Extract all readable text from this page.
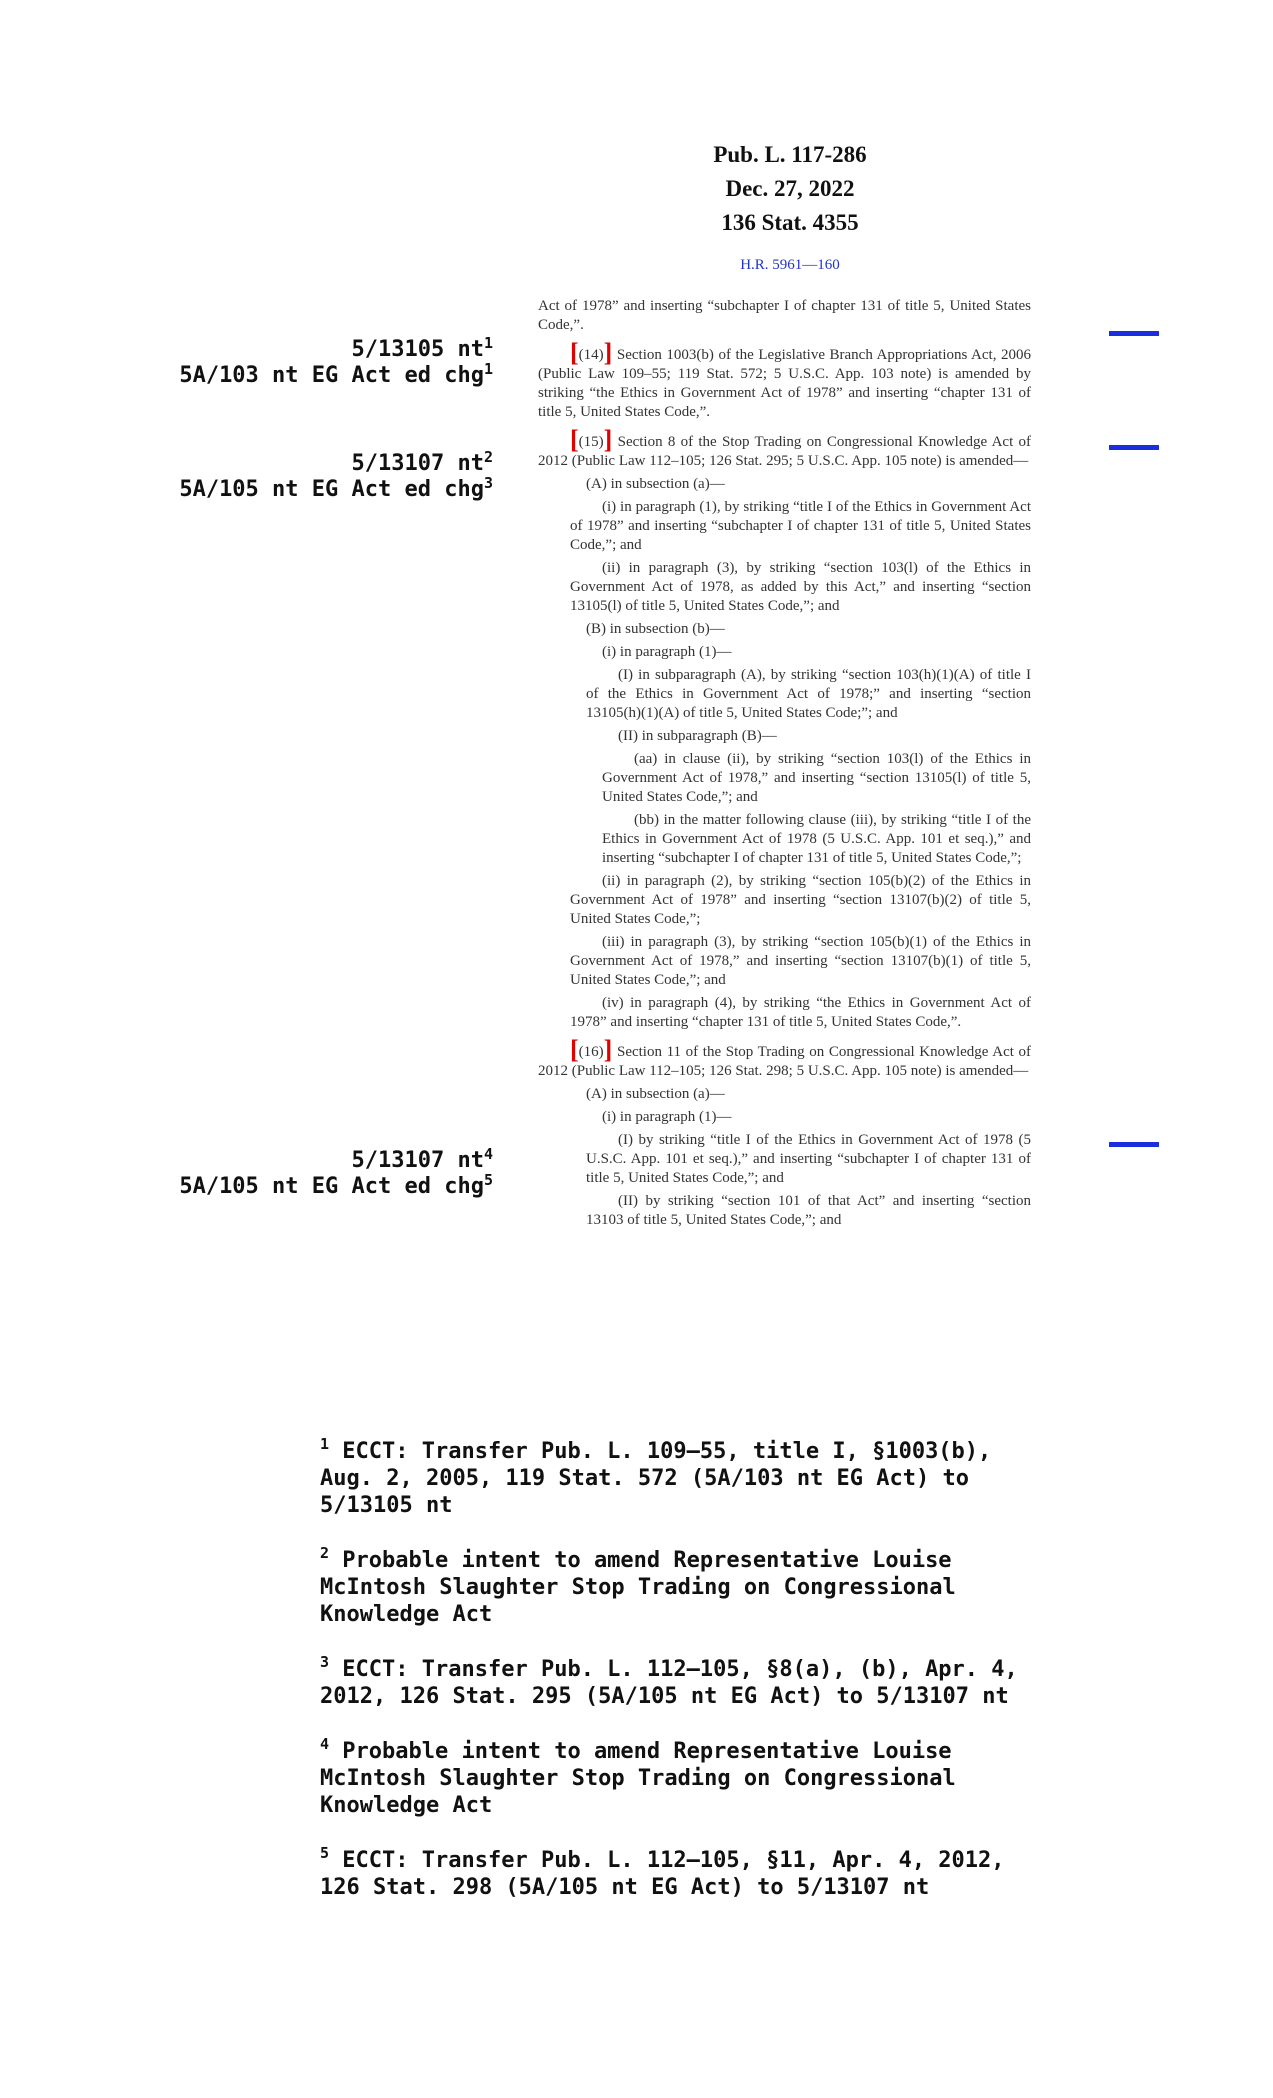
Pub. L. 117-286
Dec. 27, 2022
136 Stat. 4355
H.R. 5961—160
5/13105 $nt^1$
5A/103 nt EG Act ed chg$^1$
5/13107 $nt^2$
5A/105 nt EG Act ed chg$^3$
5/13107 $nt^4$
5A/105 nt EG Act ed chg$^5$

Act of 1978” and inserting “subchapter I of chapter 131 of title 5, United States Code,”.

[(14)] Section 1003(b) of the Legislative Branch Appropriations Act, 2006 (Public Law 109–55; 119 Stat. 572; 5 U.S.C. App. 103 note) is amended by striking “the Ethics in Government Act of 1978” and inserting “chapter 131 of title 5, United States Code,”.

[(15)] Section 8 of the Stop Trading on Congressional Knowledge Act of 2012 (Public Law 112–105; 126 Stat. 295; 5 U.S.C. App. 105 note) is amended—

(A) in subsection (a)—

(i) in paragraph (1), by striking “title I of the Ethics in Government Act of 1978” and inserting “subchapter I of chapter 131 of title 5, United States Code,”; and

(ii) in paragraph (3), by striking “section 103(l) of the Ethics in Government Act of 1978, as added by this Act,” and inserting “section 13105(l) of title 5, United States Code,”; and

(B) in subsection (b)—

(i) in paragraph (1)—

(I) in subparagraph (A), by striking “section 103(h)(1)(A) of title I of the Ethics in Government Act of 1978;” and inserting “section 13105(h)(1)(A) of title 5, United States Code;”; and

(II) in subparagraph (B)—

(aa) in clause (ii), by striking “section 103(l) of the Ethics in Government Act of 1978,” and inserting “section 13105(l) of title 5, United States Code,”; and

(bb) in the matter following clause (iii), by striking “title I of the Ethics in Government Act of 1978 (5 U.S.C. App. 101 et seq.),” and inserting “subchapter I of chapter 131 of title 5, United States Code,”;

(ii) in paragraph (2), by striking “section 105(b)(2) of the Ethics in Government Act of 1978” and inserting “section 13107(b)(2) of title 5, United States Code,”;

(iii) in paragraph (3), by striking “section 105(b)(1) of the Ethics in Government Act of 1978,” and inserting “section 13107(b)(1) of title 5, United States Code,”; and

(iv) in paragraph (4), by striking “the Ethics in Government Act of 1978” and inserting “chapter 131 of title 5, United States Code,”.

[(16)] Section 11 of the Stop Trading on Congressional Knowledge Act of 2012 (Public Law 112–105; 126 Stat. 298; 5 U.S.C. App. 105 note) is amended—

(A) in subsection (a)—

(i) in paragraph (1)—

(I) by striking “title I of the Ethics in Government Act of 1978 (5 U.S.C. App. 101 et seq.),” and inserting “subchapter I of chapter 131 of title 5, United States Code,”; and

(II) by striking “section 101 of that Act” and inserting “section 13103 of title 5, United States Code,”; and

$^1$ ECCT: Transfer Pub. L. 109–55, title I, §1003(b), Aug. 2, 2005, 119 Stat. 572 (5A/103 nt EG Act) to 5/13105 nt
$^2$ Probable intent to amend Representative Louise McIntosh Slaughter Stop Trading on Congressional Knowledge Act
$^3$ ECCT: Transfer Pub. L. 112–105, §8(a), (b), Apr. 4, 2012, 126 Stat. 295 (5A/105 nt EG Act) to 5/13107 nt
$^4$ Probable intent to amend Representative Louise McIntosh Slaughter Stop Trading on Congressional Knowledge Act
$^5$ ECCT: Transfer Pub. L. 112–105, §11, Apr. 4, 2012, 126 Stat. 298 (5A/105 nt EG Act) to 5/13107 nt
